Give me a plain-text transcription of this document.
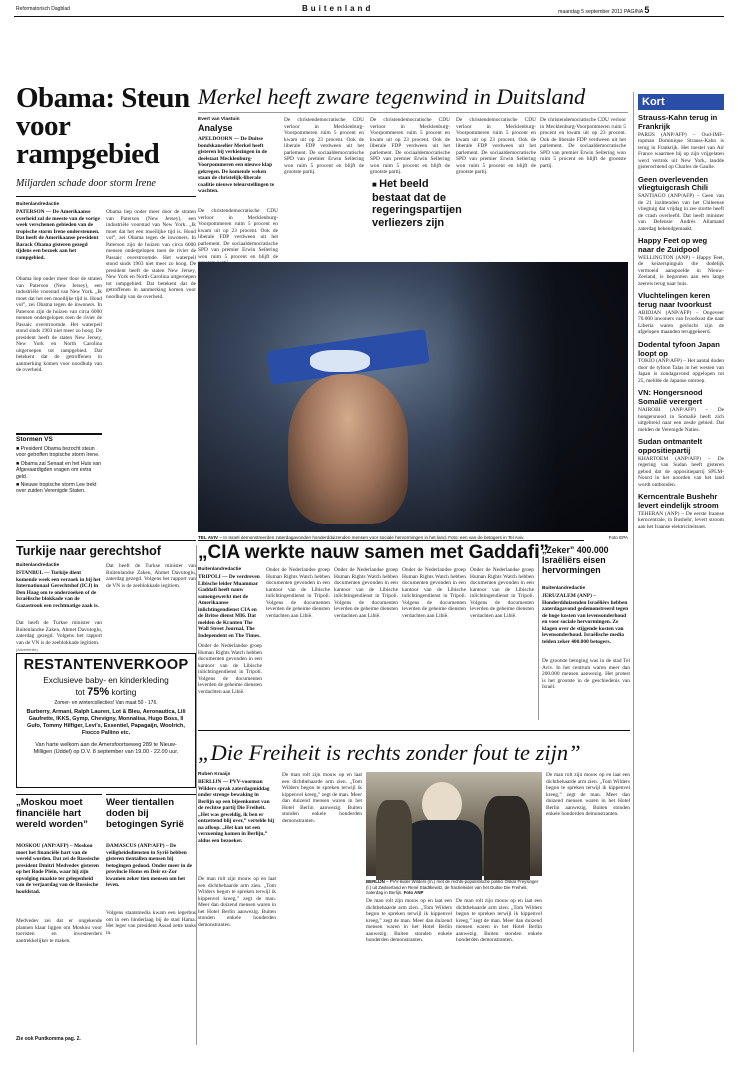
Reformatorisch Dagblad	Buitenland	maandag 5 september 2011 PAGINA 5
Obama: Steun voor rampgebied
Miljarden schade door storm Irene
Buitenlandredactie
PATERSON — De Amerikaanse overheid zal de meeste van de vorige week verschenen gebieden van de tropische storm Irene ondersteunen. Dat heeft de Amerikaanse president Barack Obama gisteren gezegd tijdens een bezoek aan het rampgebied.
Obama liep onder meer door de straten van Paterson (New Jersey), een industriële voorstad van New York. „Ik moet dat het een moeilijke tijd is. Houd vol”, zei Obama tegen de inwoners. In Paterson zijn de huizen van circa 6000 mensen ondergelopen toen de rivier de Passaic overstroomde. Het waterpeil stond sinds 1903 niet meer zo hoog. De president heeft de staten New Jersey, New York en North Carolina uitgeroepen tot rampgebied. Dat betekent dat de getroffenen in aanmerking komen voor noodhulp van de overheid.
Obama liep onder meer door de straten van Paterson (New Jersey), een industriële voorstad van New York. „Ik moet dat het een moeilijke tijd is. Houd vol”, zei Obama tegen de inwoners. In Paterson zijn de huizen van circa 6000 mensen ondergelopen toen de rivier de Passaic overstroomde. Het waterpeil stond sinds 1903 niet meer zo hoog. De president heeft de staten New Jersey, New York en North Carolina uitgeroepen tot rampgebied. Dat betekent dat de getroffenen in aanmerking komen voor noodhulp van de overheid.
Stormen VS
■ President Obama bezocht steun voor getroffen tropische storm Irene.
■ Obama zal Senaat en het Huis van Afgevaardigden vragen om extra geld.
■ Nieuwe tropische storm Lee trekt over zuiden Verenigde Staten.
Merkel heeft zware tegenwind in Duitsland
Evert van Vlastuin
Analyse
APELDOORN — De Duitse bondskanselier Merkel heeft gisteren bij verkiezingen in de deelstaat Mecklenburg-Voorpommeren een nieuwe klap gekregen. De komende weken staan de christelijk-liberale coalitie nieuwe teleurstellingen te wachten.
De christendemocratische CDU verloor in Mecklenburg-Voorpommeren ruim 5 procent en kwam uit op 23 procent. Ook de liberale FDP verdween uit het parlement. De sociaaldemocratische SPD van premier Erwin Sellering won ruim 5 procent en blijft de
De christendemocratische CDU verloor in Mecklenburg-Voorpommeren ruim 5 procent en kwam uit op 23 procent. Ook de liberale FDP verdween uit het parlement. De sociaaldemocratische SPD van premier Erwin Sellering won ruim 5 procent en blijft de grootste partij.
De christendemocratische CDU verloor in Mecklenburg-Voorpommeren ruim 5 procent en kwam uit op 23 procent. Ook de liberale FDP verdween uit het parlement. De sociaaldemocratische SPD van premier Erwin Sellering won ruim 5 procent en blijft de grootste partij.
De christendemocratische CDU verloor in Mecklenburg-Voorpommeren ruim 5 procent en kwam uit op 23 procent. Ook de liberale FDP verdween uit het parlement. De sociaaldemocratische SPD van premier Erwin Sellering won ruim 5 procent en blijft de grootste partij.
■ Het beeld bestaat dat de regeringspartijen verliezers zijn
De christendemocratische CDU verloor in Mecklenburg-Voorpommeren ruim 5 procent en kwam uit op 23 procent. Ook de liberale FDP verdween uit het parlement. De sociaaldemocratische SPD van premier Erwin Sellering won ruim 5 procent en blijft de grootste partij.
TEL AVIV – In Israël demonstreerden zaterdagavonden honderdduizenden mensen voor sociale hervormingen in het land. Foto: een van de betogers in Tel Aviv.	Foto EPA
Kort
Strauss-Kahn terug in Frankrijk
PARIJS (ANP/AFP) – Oud-IMF-topman Dominique Strauss-Kahn is terug in Frankrijk. Het toestel van Air France waarmee hij op zijn vrijgelaten werd vertrok uit New York, landde gisterochtend op Charles de Gaulle.
Geen overlevenden vliegtuigcrash Chili
SANTIAGO (ANP/AFP) – Geen van de 21 inzittenden van het Chileense vliegtuig dat vrijdag in zee stortte heeft de crash overleefd. Dat heeft minister van Defensie Andrés Allamand zaterdag bekendgemaakt.
Happy Feet op weg naar de Zuidpool
WELLINGTON (ANP) – Happy Feet, de keizerspinguïn die dodelijk vermoeid aanspoelde in Nieuw-Zeeland, is begonnen aan een lange zeereis terug naar huis.
Vluchtelingen keren terug naar Ivoorkust
ABIDJAN (ANP/AFP) – Ongeveer 70.000 inwoners van Ivoorkust die naar Liberia waren gevlucht zijn de afgelopen maanden teruggekeerd.
Dodental tyfoon Japan loopt op
TOKIO (ANP/AFP) – Het aantal doden door de tyfoon Talas in het westen van Japan is zondagavond opgelopen tot 25, meldde de Japanse omroep.
VN: Hongersnood Somalië verergert
NAIROBI (ANP/AFP) – De hongersnood in Somalië heeft zich uitgebreid naar een zesde gebied. Dat melden de Verenigde Naties.
Sudan ontmantelt oppositiepartij
KHARTOEM (ANP/AFP) – De regering van Sudan heeft gisteren gebod dat de oppositiepartij SPLM-Noord in het noorden van het land wordt ontbonden.
Kerncentrale Bushehr levert eindelijk stroom
TEHERAN (ANP) – De eerste Iraanse kerncentrale, in Bushehr, levert stroom aan het Iraanse elektriciteitsnet.
Turkije naar gerechtshof
Buitenlandredactie
ISTANBUL — Turkije dient komende week een verzoek in bij het Internationaal Gerechtshof (ICJ) in Den Haag om te onderzoeken of de Israëlische blokkade van de Gazastrook een rechtmatige zaak is.
Dat heeft de Turkse minister van Buitenlandse Zaken, Ahmet Davutoglu, zaterdag gezegd. Volgens het rapport van de VN is de zeeblokkade legitiem.
Dat heeft de Turkse minister van Buitenlandse Zaken, Ahmet Davutoglu, zaterdag gezegd. Volgens het rapport van de VN is de zeeblokkade legitiem.
(Advertentie)
RESTANTENVERKOOP
Exclusieve baby- en kinderkleding
tot 75% korting
Zomer- en wintercollecties! Van maat 50 - 176.
Burberry, Armani, Ralph Lauren, Lot & Bleu, Aeronautica, Lili Gaufrette, IKKS, Gymp, Chevigny, Monnalisa, Hugo Boss, Il Gufo, Tommy Hilfiger, Levi's, Essentiel, Papagaijn, Woolrich, Fiocco Pallino etc.
Van harte welkom aan de Amersfoortseweg 289 te Nieuw-Milligen (Uddel) op D.V. 8 september van 19.00 - 22.00 uur.
„CIA werkte nauw samen met Gaddafi”
Buitenlandredactie
TRIPOLI — De verdreven Libische leider Muammar Gaddafi heeft nauw samengewerkt met de Amerikaanse inlichtingendienst CIA en de Britse dienst MI6. Dat melden de Kranten The Wall Street Journal, The Independent en The Times.
Onder de Nederlandse groep Human Rights Watch hebben documenten gevonden in een kantoor van de Libische inlichtingendienst in Tripoli. Volgens de documenten leverden de geheime diensten verdachten aan Libië.
Onder de Nederlandse groep Human Rights Watch hebben documenten gevonden in een kantoor van de Libische inlichtingendienst in Tripoli. Volgens de documenten leverden de geheime diensten verdachten aan Libië.
Onder de Nederlandse groep Human Rights Watch hebben documenten gevonden in een kantoor van de Libische inlichtingendienst in Tripoli. Volgens de documenten leverden de geheime diensten verdachten aan Libië.
Onder de Nederlandse groep Human Rights Watch hebben documenten gevonden in een kantoor van de Libische inlichtingendienst in Tripoli. Volgens de documenten leverden de geheime diensten verdachten aan Libië.
Onder de Nederlandse groep Human Rights Watch hebben documenten gevonden in een kantoor van de Libische inlichtingendienst in Tripoli. Volgens de documenten leverden de geheime diensten verdachten aan Libië.
„Zeker” 400.000 Israëliërs eisen hervormingen
Buitenlandredactie
JERUZALEM (ANP) – Honderdduizenden Israëliërs hebben zaterdagavond gedemonstreerd tegen de hoge kosten van levensonderhoud en voor sociale hervormingen. Ze klagen over de stijgende kosten van levensonderhoud. Israëlische media telden zeker 400.000 betogers.
De grootste betoging was in de stad Tel Aviv. In het centrum waren meer dan 200.000 mensen aanwezig. Het protest is het grootste in de geschiedenis van Israël.
„Moskou moet financiële hart wereld worden”
MOSKOU (ANP/AFP) – Moskou moet het financiële hart van de wereld worden. Dat zei de Russische president Dmitri Medvedev gisteren op het Rode Plein, waar hij zijn opvolging maakte ter gelegenheid van de verjaardag van de Russische hoofdstad.
Medvedev zei dat er ongekende plannen klaar liggen om Moskou voor toeristen en investeerders aantrekkelijker te maken.
Zie ook Puntkomma pag. 2.
Weer tientallen doden bij betogingen Syrië
DAMASCUS (ANP/AFP) – De veiligheidsdiensten in Syrië hebben gisteren tientallen mensen bij betogingen gedood. Onder meer in de provincie Homs en Deir ez-Zor kwamen zeker tien mensen om het leven.
Volgens staatsmedia kwam een legerbus om in een hinderlaag bij de stad Hama. Het leger van president Assad zette tanks in.
„Die Freiheit is rechts zonder fout te zijn”
Ruben Kraaijs
BERLIJN — PVV-voorman Wilders sprak zaterdagmiddag onder strenge bewaking in Berlijn op een bijeenkomst van de rechtse partij Die Freiheit. „Het was geweldig, ik ben er ontzettend blij over,” vertelde hij na afloop. „Het kan tot een verzoening komen in Berlijn,” aldus een bezoeker.
De man rolt zijn mouw op en laat een dichtbehaarde arm zien. „Tom Wilders begon te spreken terwijl ik kippenvel kreeg,” zegt de man. Meer dan duizend mensen waren in het Hotel Berlin aanwezig. Buiten stonden enkele honderden demonstranten.
De man rolt zijn mouw op en laat een dichtbehaarde arm zien. „Tom Wilders begon te spreken terwijl ik kippenvel kreeg,” zegt de man. Meer dan duizend mensen waren in het Hotel Berlin aanwezig. Buiten stonden enkele honderden demonstranten.
BERLIJN – PVV-leider Wilders (m.) met de rechts-populistische politici Oskar Freysinger (l.) uit Zwitserland en René Stadtkewitz, de fractieleider van het Duitse Die Freiheit, zaterdag in Berlijn. Foto ANP
De man rolt zijn mouw op en laat een dichtbehaarde arm zien. „Tom Wilders begon te spreken terwijl ik kippenvel kreeg,” zegt de man. Meer dan duizend mensen waren in het Hotel Berlin aanwezig. Buiten stonden enkele honderden demonstranten.
De man rolt zijn mouw op en laat een dichtbehaarde arm zien. „Tom Wilders begon te spreken terwijl ik kippenvel kreeg,” zegt de man. Meer dan duizend mensen waren in het Hotel Berlin aanwezig. Buiten stonden enkele honderden demonstranten.
De man rolt zijn mouw op en laat een dichtbehaarde arm zien. „Tom Wilders begon te spreken terwijl ik kippenvel kreeg,” zegt de man. Meer dan duizend mensen waren in het Hotel Berlin aanwezig. Buiten stonden enkele honderden demonstranten.
